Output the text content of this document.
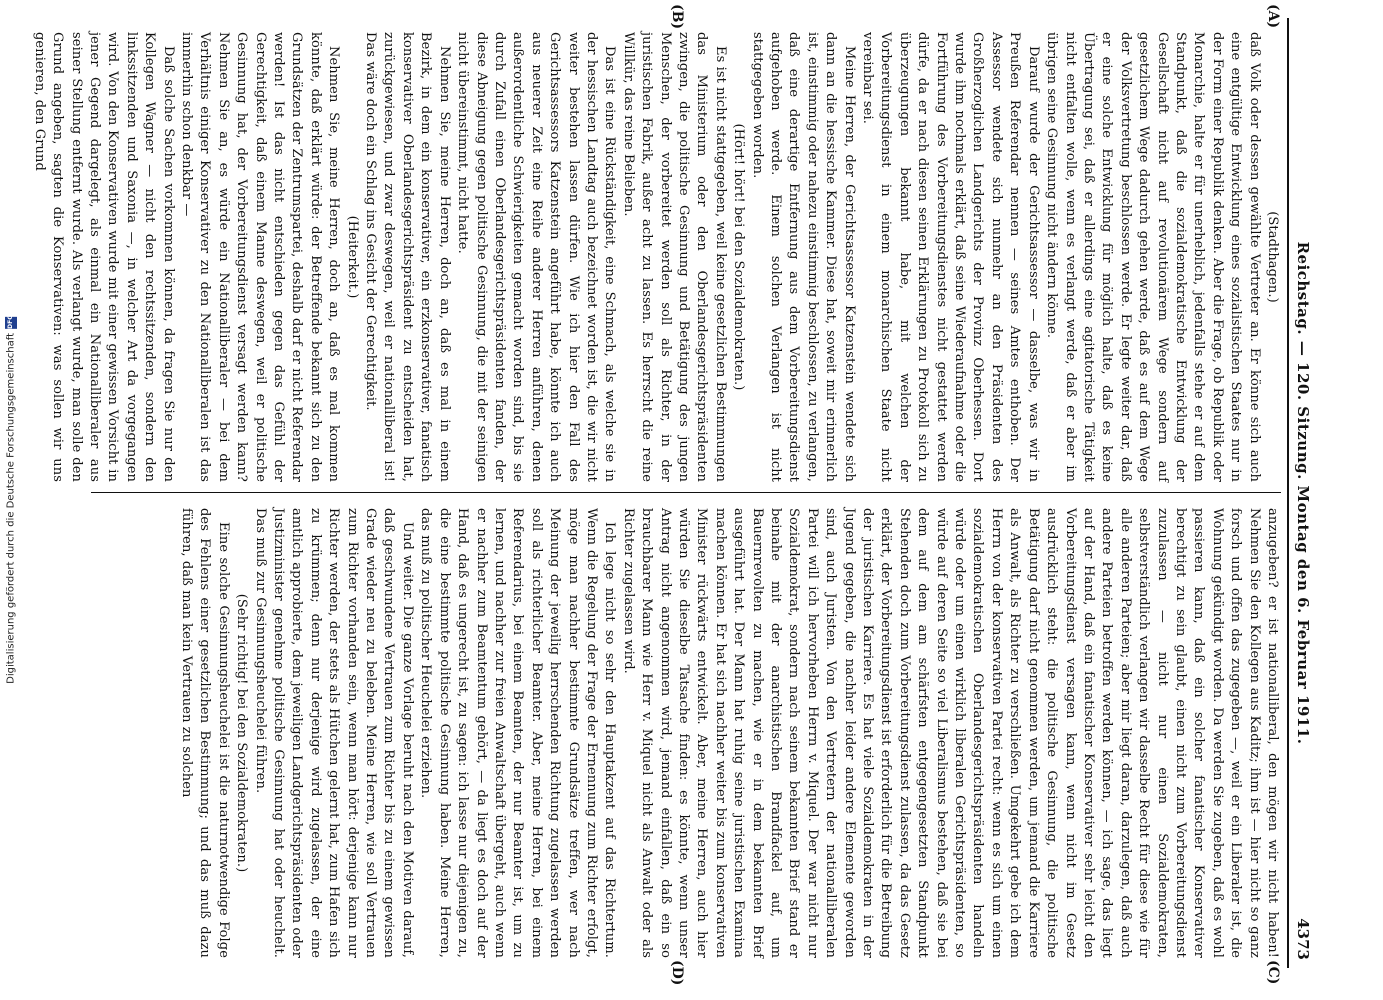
Digitalisierung gefördert durch die Deutsche Forschungsgemeinschaft
DFG	Reichstag. — 120. Sitzung. Montag den 6. Februar 1911.
4373
(A)
(B)
(C)
(D)

(Stadthagen.)

daß Volk oder dessen gewählte Vertreter an. Er könne sich auch eine entgültige Entwicklung eines sozialistischen Staates nur in der Form einer Republik denken. Aber die Frage, ob Republik oder Monarchie, halte er für unerheblich, jedenfalls stehe er auf dem Standpunkt, daß die sozialdemokratische Entwicklung der Gesellschaft nicht auf revolutionärem Wege sondern auf gesetzlichem Wege dadurch gehen werde, daß es auf dem Wege der Volksvertretung beschlossen werde. Er legte weiter dar, daß er eine solche Entwicklung für möglich halte, daß es keine Übertragung sei, daß er allerdings eine agitatorische Tätigkeit nicht entfalten wolle, wenn es verlangt werde, daß er aber im übrigen seine Gesinnung nicht ändern könne.

Darauf wurde der Gerichtsassessor — dasselbe, was wir in Preußen Referendar nennen — seines Amtes enthoben. Der Assessor wendete sich nunmehr an den Präsidenten des Großherzoglichen Landgerichts der Provinz Oberhessen. Dort wurde ihm nochmals erklärt, daß seine Wiederaufnahme oder die Fortführung des Vorbereitungsdienstes nicht gestattet werden dürfe, da er nach diesen seinen Erklärungen zu Protokoll sich zu überzeugungen bekannt habe, mit welchen der Vorbereitungsdienst in einem monarchischen Staate nicht vereinbar sei.

Meine Herren, der Gerichtsassessor Katzenstein wendete sich dann an die hessische Kammer. Diese hat, soweit mir erinnerlich ist, einstimmig oder nahezu einstimmig beschlossen, zu verlangen, daß eine derartige Entfernung aus dem Vorbereitungsdienst aufgehoben werde. Einem solchen Verlangen ist nicht stattgegeben worden.

(Hört! hört! bei den Sozialdemokraten.)

Es ist nicht stattgegeben, weil keine gesetzlichen Bestimmungen das Ministerium oder den Oberlandesgerichtspräsidenten zwingen, die politische Gesinnung und Betätigung des jungen Menschen, der vorbereitet werden soll als Richter, in der juristischen Fabrik, außer acht zu lassen. Es herrscht die reine Willkür, das reine Belieben.

Das ist eine Rückständigkeit, eine Schmach, als welche sie in der hessischen Landtag auch bezeichnet worden ist, die wir nicht weiter bestehen lassen dürfen. Wie ich hier den Fall des Gerichtsassessors Katzenstein angeführt habe, könnte ich auch aus neuerer Zeit eine Reihe anderer Herren anführen, denen außerordentliche Schwierigkeiten gemacht worden sind, bis sie durch Zufall einen Oberlandesgerichtspräsidenten fanden, der diese Abneigung gegen politische Gesinnung, die mit der seinigen nicht übereinstimmt, nicht hatte.

Nehmen Sie, meine Herren, doch an, daß es mal in einem Bezirk, in dem ein konservativer, ein erzkonservativer, fanatisch konservativer Oberlandesgerichtspräsident zu entscheiden hat, zurückgewiesen, und zwar deswegen, weil er nationalliberal ist! Das wäre doch ein Schlag ins Gesicht der Gerechtigkeit.

(Heiterkeit.)

Nehmen Sie, meine Herren, doch an, daß es mal kommen könnte, daß erklärt würde: der Betreffende bekannt sich zu den Grundsätzen der Zentrumspartei, deshalb darf er nicht Referendar werden! Ist das nicht entschieden gegen das Gefühl der Gerechtigkeit, daß einem Manne deswegen, weil er politische Gesinnung hat, der Vorbereitungsdienst versagt werden kann? Nehmen Sie an, es würde ein Nationalliberaler — bei dem Verhältnis einiger Konservativer zu den Nationalliberalen ist das immerhin schon denkbar —

Daß solche Sachen vorkommen können, da fragen Sie nur den Kollegen Wagner — nicht den rechtssitzenden, sondern den linkssitzenden und Saxonia —, in welcher Art da vorgegangen wird. Von den Konservativen wurde mit einer gewissen Vorsicht in jener Gegend dargelegt, als einmal ein Nationalliberaler aus seiner Stellung entfernt wurde. Als verlangt wurde, man solle den Grund angeben, sagten die Konservativen: was sollen wir uns genieren, den Grund

anzugeben? er ist nationalliberal, den mögen wir nicht haben! Nehmen Sie den Kollegen aus Kaditz; ihm ist — hier nicht so ganz forsch und offen das zugegeben —, weil er ein Liberaler ist, die Wohnung gekündigt worden. Da werden Sie zugeben, daß es wohl passieren kann, daß ein solcher fanatischer Konservativer berechtigt zu sein glaubt, einen nicht zum Vorbereitungsdienst zuzulassen — nicht nur einen Sozialdemokraten, selbstverständlich verlangen wir dasselbe Recht für diese wie für alle anderen Parteien; aber mir liegt daran, darzulegen, daß auch andere Parteien betroffen werden können, — ich sage, das liegt auf der Hand, daß ein fanatischer Konservativer sehr leicht den Vorbereitungsdienst versagen kann, wenn nicht im Gesetz ausdrücklich steht: die politische Gesinnung, die politische Betätigung darf nicht genommen werden, um jemand die Karriere als Anwalt, als Richter zu verschließen. Umgekehrt gebe ich dem Herrn von der konservativen Partei recht: wenn es sich um einen sozialdemokratischen Oberlandesgerichtspräsidenten handeln würde oder um einen wirklich liberalen Gerichtspräsidenten, so würde auf deren Seite so viel Liberalismus bestehen, daß sie bei dem auf dem am schärfsten entgegengesetzten Standpunkt Stehenden doch zum Vorbereitungsdienst zulassen, da das Gesetz erklärt, der Vorbereitungsdienst ist erforderlich für die Betreibung der juristischen Karriere. Es hat viele Sozialdemokraten in der Jugend gegeben, die nachher leider andere Elemente geworden sind, auch Juristen. Von den Vertretern der nationalliberalen Partei will ich hervorheben Herrn v. Miquel. Der war nicht nur Sozialdemokrat, sondern nach seinem bekannten Brief stand er beinahe mit der anarchistischen Brandfackel auf, um Bauernrevolten zu machen, wie er in dem bekannten Brief ausgeführt hat. Der Mann hat ruhig seine juristischen Examina machen können. Er hat sich nachher weiter bis zum konservativen Minister rückwärts entwickelt. Aber, meine Herren, auch hier würden Sie dieselbe Tatsache finden: es könnte, wenn unser Antrag nicht angenommen wird, jemand einfallen, daß ein so brauchbarer Mann wie Herr v. Miquel nicht als Anwalt oder als Richter zugelassen wird.

Ich lege nicht so sehr den Hauptakzent auf das Richtertum. Wenn die Regelung der Frage der Ernennung zum Richter erfolgt, möge man nachher bestimmte Grundsätze treffen, wer nach Meinung der jeweilig herrschenden Richtung zugelassen werden soll als richterlicher Beamter. Aber, meine Herren, bei einem Referendarius, bei einem Beamten, der nur Beamter ist, um zu lernen, und nachher zur freien Anwaltschaft übergeht, auch wenn er nachher zum Beamtentum gehört, — da liegt es doch auf der Hand, daß es ungerecht ist, zu sagen: ich lasse nur diejenigen zu, die eine bestimmte politische Gesinnung haben. Meine Herren, das muß zu politischer Heuchelei erziehen.

Und weiter. Die ganze Vorlage beruht nach den Motiven darauf, daß geschwundene Vertrauen zum Richter bis zu einem gewissen Grade wieder neu zu beleben. Meine Herren, wie soll Vertrauen zum Richter vorhanden sein, wenn man hört: derjenige kann nur Richter werden, der stets als Hütchen gelernt hat, zum Hafen sich zu krümmen; denn nur derjenige wird zugelassen, der eine amtlich approbierte, dem jeweiligen Landgerichtspräsidenten oder Justizminister genehme politische Gesinnung hat oder heuchelt. Das muß zur Gesinnungsheuchelei führen.

(Sehr richtig! bei den Sozialdemokraten.)

Eine solche Gesinnungsheuchelei ist die naturnotwendige Folge des Fehlens einer gesetzlichen Bestimmung; und das muß dazu führen, daß man kein Vertrauen zu solchen
